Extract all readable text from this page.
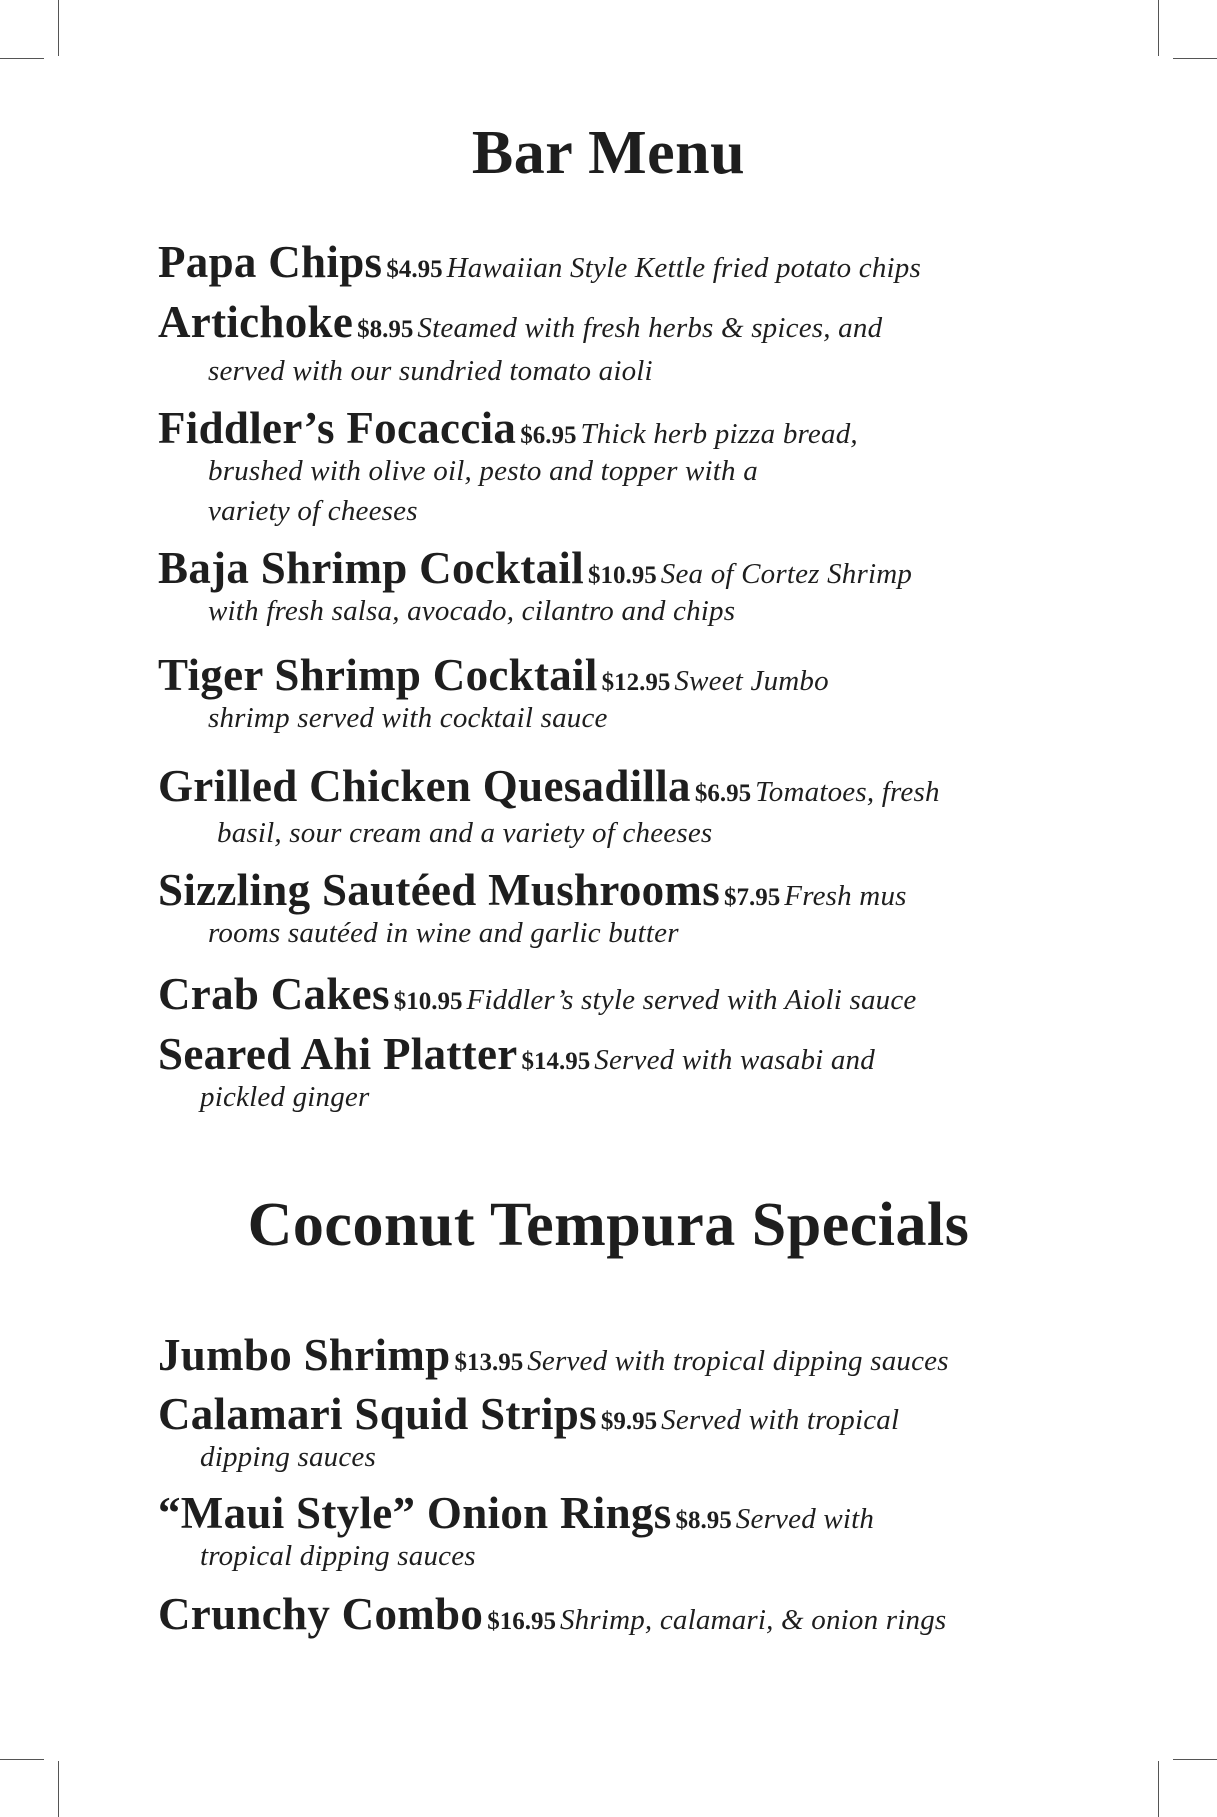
Bar Menu
Papa Chips $4.95 Hawaiian Style Kettle fried potato chips
Artichoke $8.95 Steamed with fresh herbs & spices, and
served with our sundried tomato aioli
Fiddler’s Focaccia $6.95 Thick herb pizza bread,
brushed with olive oil, pesto and topper with a
variety of cheeses
Baja Shrimp Cocktail $10.95 Sea of Cortez Shrimp
with fresh salsa, avocado, cilantro and chips
Tiger Shrimp Cocktail $12.95 Sweet Jumbo
shrimp served with cocktail sauce
Grilled Chicken Quesadilla $6.95 Tomatoes, fresh
basil, sour cream and a variety of cheeses
Sizzling Sautéed Mushrooms $7.95 Fresh mus
rooms sautéed in wine and garlic butter
Crab Cakes $10.95 Fiddler’s style served with Aioli sauce
Seared Ahi Platter $14.95 Served with wasabi and
pickled ginger
Coconut Tempura Specials
Jumbo Shrimp $13.95 Served with tropical dipping sauces
Calamari Squid Strips $9.95 Served with tropical
dipping sauces
“Maui Style” Onion Rings $8.95 Served with
tropical dipping sauces
Crunchy Combo $16.95 Shrimp, calamari, & onion rings
